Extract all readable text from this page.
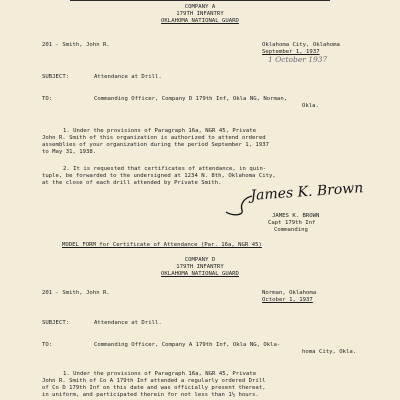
COMPANY A
179TH INFANTRY
OKLAHOMA NATIONAL GUARD
201 - Smith, John R.	Oklahoma City, Oklahoma
September 1, 1937
1 October 1937
SUBJECT:	Attendance at Drill.
TO:	Commanding Officer, Company D 179th Inf, Okla NG, Norman,
Okla.
1. Under the provisions of Paragraph 16a, NGR 45, Private
John R. Smith of this organization is authorized to attend ordered
assemblies of your organization during the period September 1, 1937
to May 31, 1938.
2. It is requested that certificates of attendance, in quin-
tuple, be forwarded to the undersigned at 1234 N. 8th, Oklahoma City,
at the close of each drill attended by Private Smith. James K. Brown
JAMES K. BROWN
Capt 179th Inf
Commanding
MODEL FORM for Certificate of Attendance (Par. 16a, NGR 45)
COMPANY D
179TH INFANTRY
OKLAHOMA NATIONAL GUARD
201 - Smith, John R.	Norman, Oklahoma
October 1, 1937
SUBJECT:	Attendance at Drill.
TO:	Commanding Officer, Company A 179th Inf, Okla NG, Okla-
homa City, Okla.
1. Under the provisions of Paragraph 16a, NGR 45, Private
John R. Smith of Co A 179th Inf attended a regularly ordered Drill
of Co D 179th Inf on this date and was officially present thereat,
in uniform, and participated therein for not less than 1½ hours.
